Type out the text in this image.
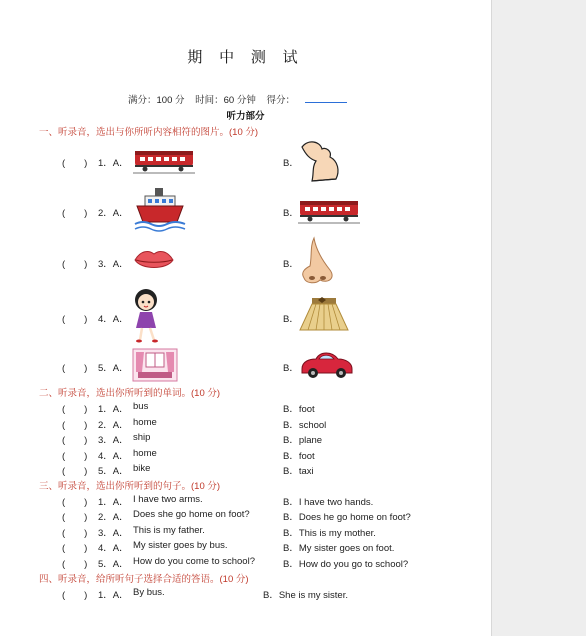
期 中 测 试
满分：100 分 时间：60 分钟 得分：
听力部分
一、听录音，选出与你所听内容相符的图片。(10 分)
(　　) 1．A．	B．
(　　) 2．A．	B．
(　　) 3．A．	B．
(　　) 4．A．	B．
(　　) 5．A．	B．
二、听录音，选出你所听到的单词。(10 分)
(　　) 1．A． bus	B．foot
(　　) 2．A． home	B．school
(　　) 3．A． ship	B．plane
(　　) 4．A． home	B．foot
(　　) 5．A． bike	B．taxi
三、听录音，选出你所听到的句子。(10 分)
(　　) 1．A． I have two arms.	B．I have two hands.
(　　) 2．A． Does she go home on foot?	B．Does he go home on foot?
(　　) 3．A． This is my father.	B．This is my mother.
(　　) 4．A． My sister goes by bus.	B．My sister goes on foot.
(　　) 5．A． How do you come to school?	B．How do you go to school?
四、听录音，给所听句子选择合适的答语。(10 分)
(　　) 1．A． By bus.	B．She is my sister.
